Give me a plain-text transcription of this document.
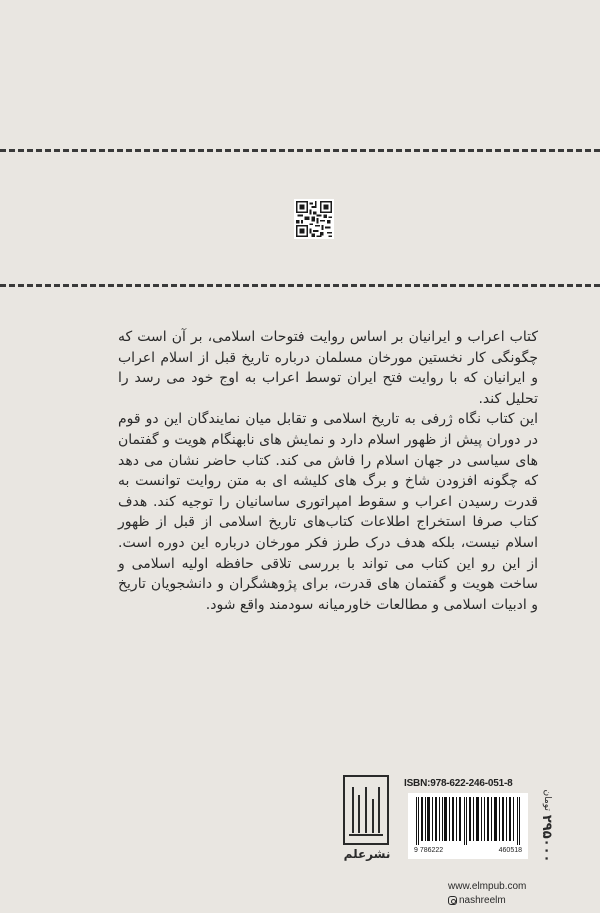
کتاب اعراب و ایرانیان بر اساس روایت فتوحات اسلامی، بر آن است که چگونگی کار نخستین مورخان مسلمان درباره تاریخ قبل از اسلام اعراب و ایرانیان که با روایت فتح ایران توسط اعراب به اوج خود می رسد را تحلیل کند.

این کتاب نگاه ژرفی به تاریخ اسلامی و تقابل میان نمایندگان این دو قوم در دوران پیش از ظهور اسلام دارد و نمایش های نابهنگام هویت و گفتمان های سیاسی در جهان اسلام را فاش می کند. کتاب حاضر نشان می دهد که چگونه افزودن شاخ و برگ های کلیشه ای به متن روایت توانست به قدرت رسیدن اعراب و سقوط امپراتوری ساسانیان را توجیه کند. هدف کتاب صرفا استخراج اطلاعات کتاب‌های تاریخ اسلامی از قبل از ظهور اسلام نیست، بلکه هدف درک طرز فکر مورخان درباره این دوره است. از این رو این کتاب می تواند با بررسی تلاقی حافظه اولیه اسلامی و ساخت هویت و گفتمان های قدرت، برای پژوهشگران و دانشجویان تاریخ و ادبیات اسلامی و مطالعات خاورمیانه سودمند واقع شود.

نشرعلم
ISBN:978-622-246-051-8
9 786222	460518 ۲۹۵۰۰۰
تومان
www.elmpub.com
nashreelm
